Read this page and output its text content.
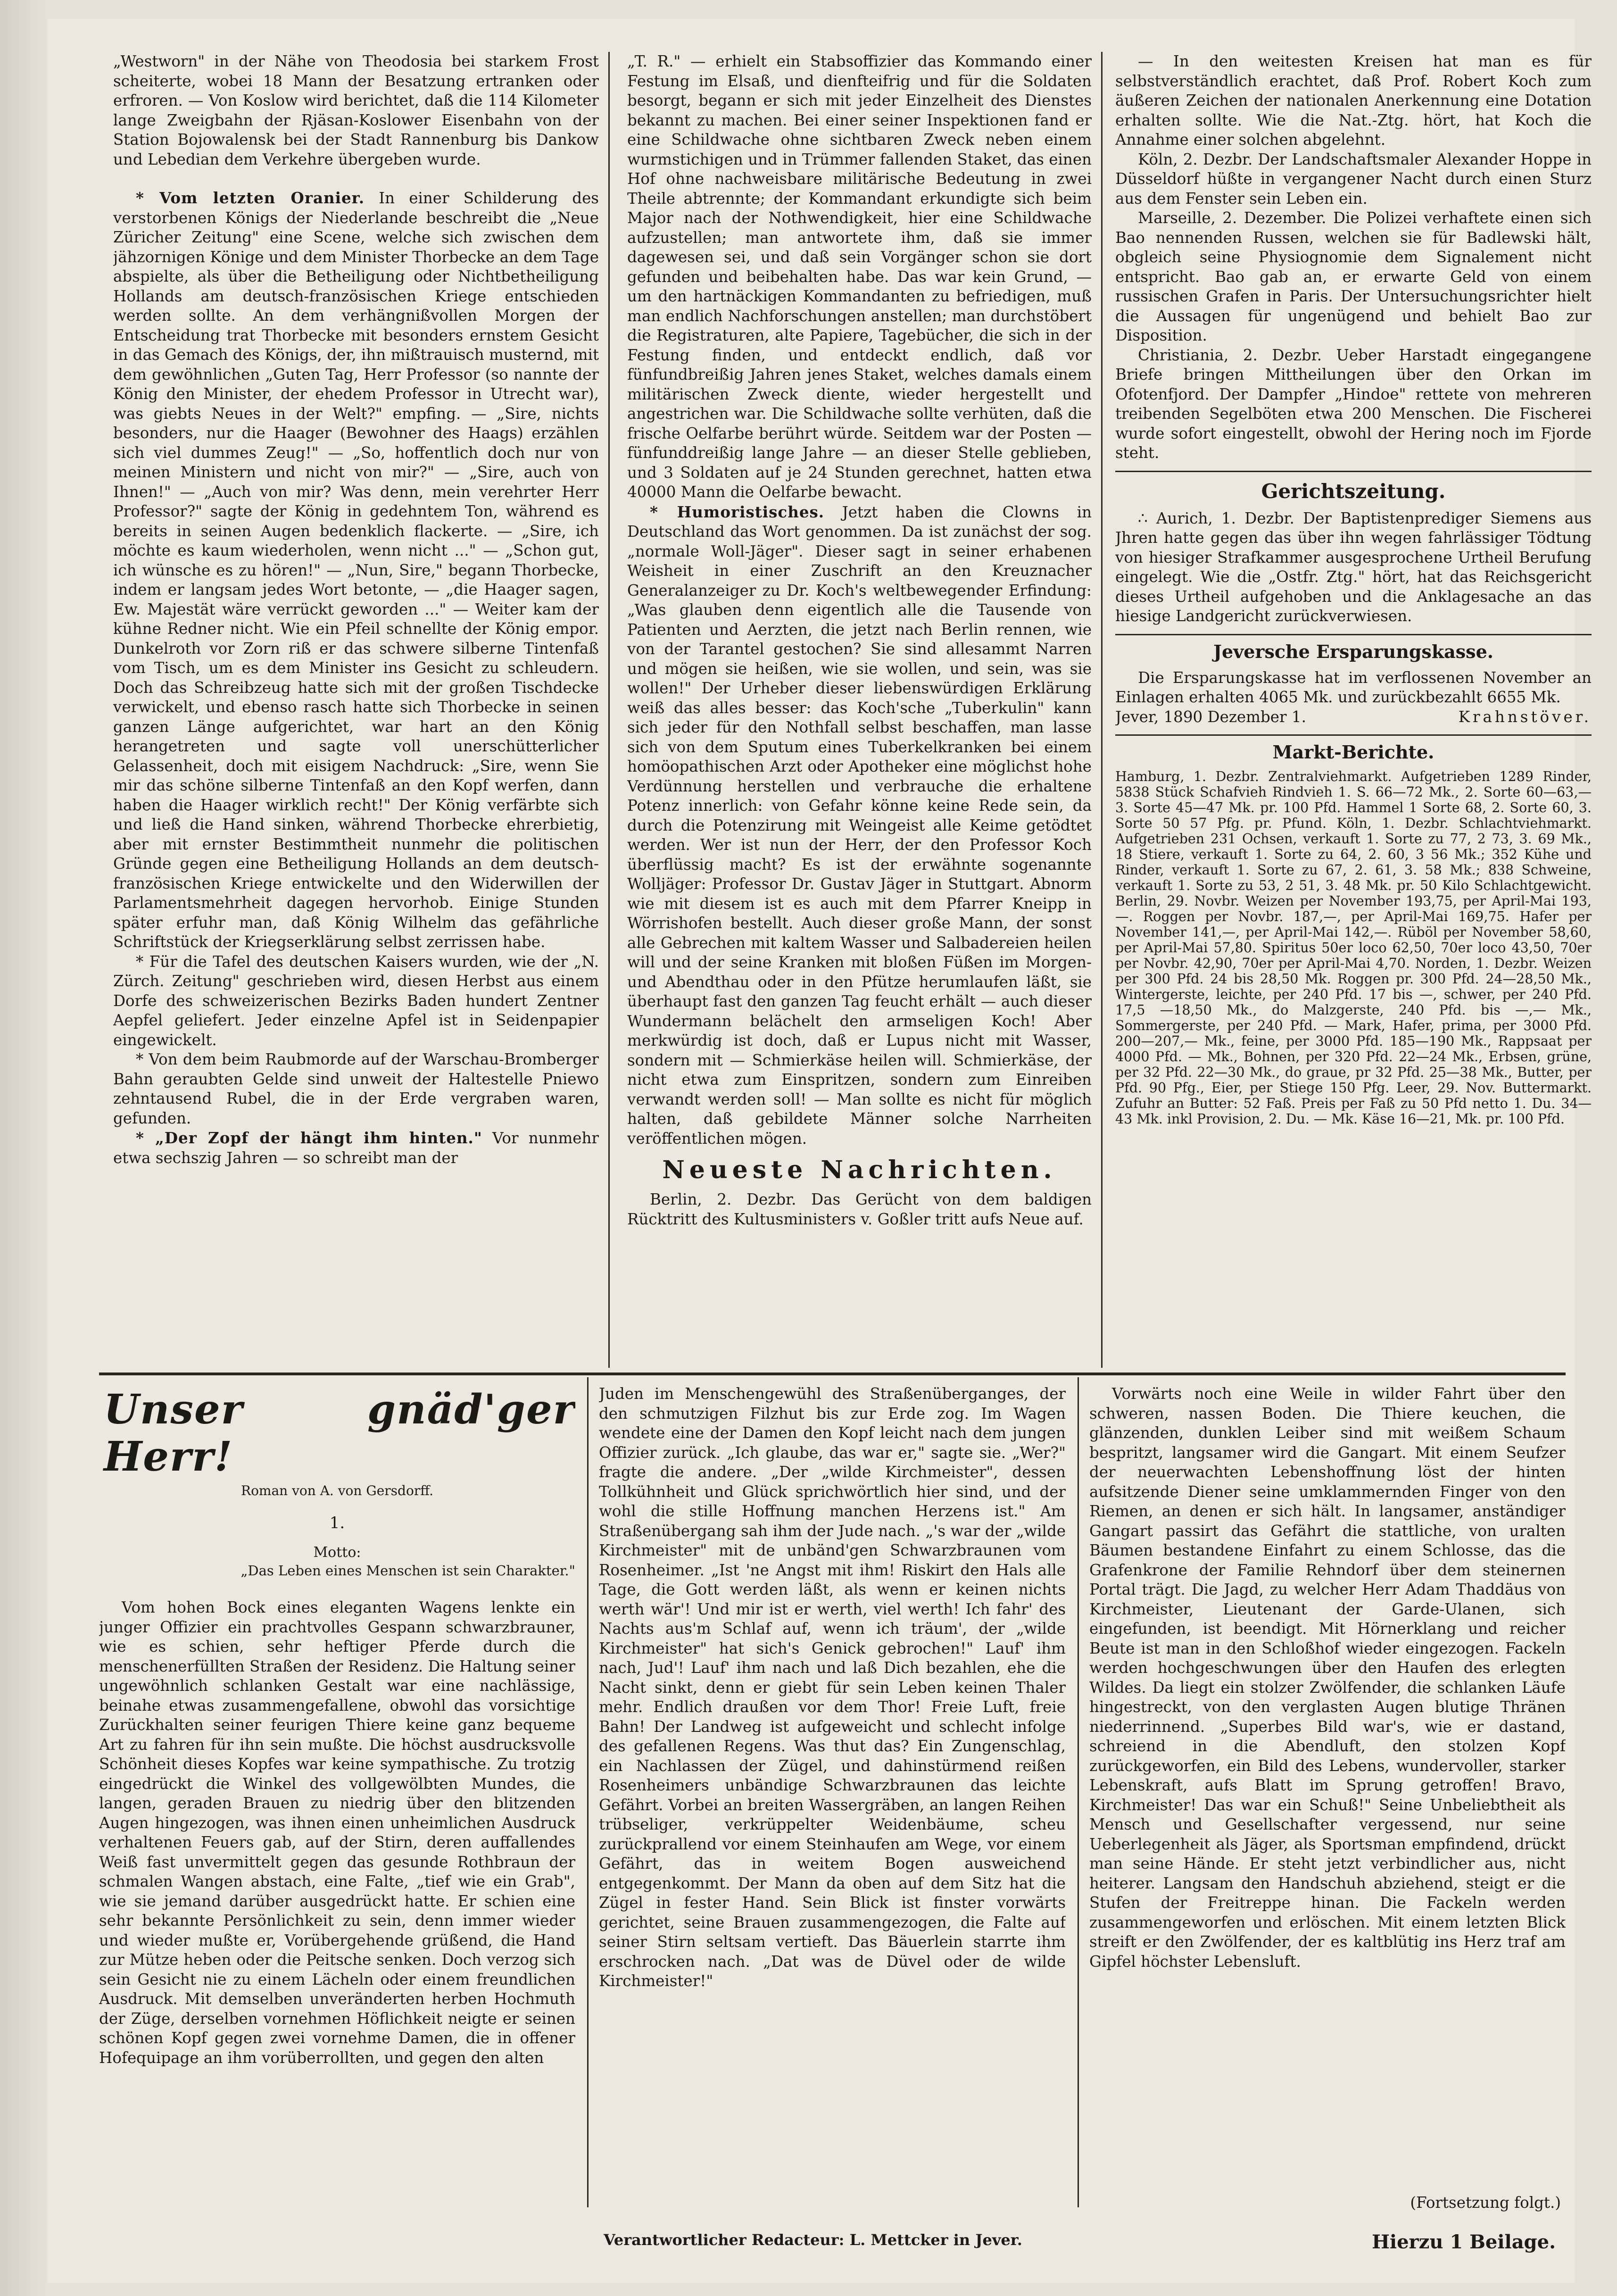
„Westworn" in der Nähe von Theodosia bei starkem Frost scheiterte, wobei 18 Mann der Besatzung ertranken oder erfroren. — Von Koslow wird berichtet, daß die 114 Kilometer lange Zweigbahn der Rjäsan-Koslower Eisenbahn von der Station Bojowalensk bei der Stadt Rannenburg bis Dankow und Lebedian dem Verkehre übergeben wurde.

* Vom letzten Oranier. In einer Schilderung des verstorbenen Königs der Niederlande beschreibt die „Neue Züricher Zeitung" eine Scene, welche sich zwischen dem jähzornigen Könige und dem Minister Thorbecke an dem Tage abspielte, als über die Betheiligung oder Nichtbetheiligung Hollands am deutsch-französischen Kriege entschieden werden sollte. An dem verhängnißvollen Morgen der Entscheidung trat Thorbecke mit besonders ernstem Gesicht in das Gemach des Königs, der, ihn mißtrauisch musternd, mit dem gewöhnlichen „Guten Tag, Herr Professor (so nannte der König den Minister, der ehedem Professor in Utrecht war), was giebts Neues in der Welt?" empfing. — „Sire, nichts besonders, nur die Haager (Bewohner des Haags) erzählen sich viel dummes Zeug!" — „So, hoffentlich doch nur von meinen Ministern und nicht von mir?" — „Sire, auch von Ihnen!" — „Auch von mir? Was denn, mein verehrter Herr Professor?" sagte der König in gedehntem Ton, während es bereits in seinen Augen bedenklich flackerte. — „Sire, ich möchte es kaum wiederholen, wenn nicht ..." — „Schon gut, ich wünsche es zu hören!" — „Nun, Sire," begann Thorbecke, indem er langsam jedes Wort betonte, — „die Haager sagen, Ew. Majestät wäre verrückt geworden ..." — Weiter kam der kühne Redner nicht. Wie ein Pfeil schnellte der König empor. Dunkelroth vor Zorn riß er das schwere silberne Tintenfaß vom Tisch, um es dem Minister ins Gesicht zu schleudern. Doch das Schreibzeug hatte sich mit der großen Tischdecke verwickelt, und ebenso rasch hatte sich Thorbecke in seinen ganzen Länge aufgerichtet, war hart an den König herangetreten und sagte voll unerschütterlicher Gelassenheit, doch mit eisigem Nachdruck: „Sire, wenn Sie mir das schöne silberne Tintenfaß an den Kopf werfen, dann haben die Haager wirklich recht!" Der König verfärbte sich und ließ die Hand sinken, während Thorbecke ehrerbietig, aber mit ernster Bestimmtheit nunmehr die politischen Gründe gegen eine Betheiligung Hollands an dem deutsch-französischen Kriege entwickelte und den Widerwillen der Parlamentsmehrheit dagegen hervorhob. Einige Stunden später erfuhr man, daß König Wilhelm das gefährliche Schriftstück der Kriegserklärung selbst zerrissen habe.

* Für die Tafel des deutschen Kaisers wurden, wie der „N. Zürch. Zeitung" geschrieben wird, diesen Herbst aus einem Dorfe des schweizerischen Bezirks Baden hundert Zentner Aepfel geliefert. Jeder einzelne Apfel ist in Seidenpapier eingewickelt.

* Von dem beim Raubmorde auf der Warschau-Bromberger Bahn geraubten Gelde sind unweit der Haltestelle Pniewo zehntausend Rubel, die in der Erde vergraben waren, gefunden.

* „Der Zopf der hängt ihm hinten." Vor nunmehr etwa sechszig Jahren — so schreibt man der

„T. R." — erhielt ein Stabsoffizier das Kommando einer Festung im Elsaß, und dienfteifrig und für die Soldaten besorgt, begann er sich mit jeder Einzelheit des Dienstes bekannt zu machen. Bei einer seiner Inspektionen fand er eine Schildwache ohne sichtbaren Zweck neben einem wurmstichigen und in Trümmer fallenden Staket, das einen Hof ohne nachweisbare militärische Bedeutung in zwei Theile abtrennte; der Kommandant erkundigte sich beim Major nach der Nothwendigkeit, hier eine Schildwache aufzustellen; man antwortete ihm, daß sie immer dagewesen sei, und daß sein Vorgänger schon sie dort gefunden und beibehalten habe. Das war kein Grund, — um den hartnäckigen Kommandanten zu befriedigen, muß man endlich Nachforschungen anstellen; man durchstöbert die Registraturen, alte Papiere, Tagebücher, die sich in der Festung finden, und entdeckt endlich, daß vor fünfundbreißig Jahren jenes Staket, welches damals einem militärischen Zweck diente, wieder hergestellt und angestrichen war. Die Schildwache sollte verhüten, daß die frische Oelfarbe berührt würde. Seitdem war der Posten — fünfunddreißig lange Jahre — an dieser Stelle geblieben, und 3 Soldaten auf je 24 Stunden gerechnet, hatten etwa 40000 Mann die Oelfarbe bewacht.

* Humoristisches. Jetzt haben die Clowns in Deutschland das Wort genommen. Da ist zunächst der sog. „normale Woll-Jäger". Dieser sagt in seiner erhabenen Weisheit in einer Zuschrift an den Kreuznacher Generalanzeiger zu Dr. Koch's weltbewegender Erfindung: „Was glauben denn eigentlich alle die Tausende von Patienten und Aerzten, die jetzt nach Berlin rennen, wie von der Tarantel gestochen? Sie sind allesammt Narren und mögen sie heißen, wie sie wollen, und sein, was sie wollen!" Der Urheber dieser liebenswürdigen Erklärung weiß das alles besser: das Koch'sche „Tuberkulin" kann sich jeder für den Nothfall selbst beschaffen, man lasse sich von dem Sputum eines Tuberkelkranken bei einem homöopathischen Arzt oder Apotheker eine möglichst hohe Verdünnung herstellen und verbrauche die erhaltene Potenz innerlich: von Gefahr könne keine Rede sein, da durch die Potenzirung mit Weingeist alle Keime getödtet werden. Wer ist nun der Herr, der den Professor Koch überflüssig macht? Es ist der erwähnte sogenannte Wolljäger: Professor Dr. Gustav Jäger in Stuttgart. Abnorm wie mit diesem ist es auch mit dem Pfarrer Kneipp in Wörrishofen bestellt. Auch dieser große Mann, der sonst alle Gebrechen mit kaltem Wasser und Salbadereien heilen will und der seine Kranken mit bloßen Füßen im Morgen- und Abendthau oder in den Pfütze herumlaufen läßt, sie überhaupt fast den ganzen Tag feucht erhält — auch dieser Wundermann belächelt den armseligen Koch! Aber merkwürdig ist doch, daß er Lupus nicht mit Wasser, sondern mit — Schmierkäse heilen will. Schmierkäse, der nicht etwa zum Einspritzen, sondern zum Einreiben verwandt werden soll! — Man sollte es nicht für möglich halten, daß gebildete Männer solche Narrheiten veröffentlichen mögen.

Neueste Nachrichten.

Berlin, 2. Dezbr. Das Gerücht von dem baldigen Rücktritt des Kultusministers v. Goßler tritt aufs Neue auf.

— In den weitesten Kreisen hat man es für selbstverständlich erachtet, daß Prof. Robert Koch zum äußeren Zeichen der nationalen Anerkennung eine Dotation erhalten sollte. Wie die Nat.-Ztg. hört, hat Koch die Annahme einer solchen abgelehnt.

Köln, 2. Dezbr. Der Landschaftsmaler Alexander Hoppe in Düsseldorf hüßte in vergangener Nacht durch einen Sturz aus dem Fenster sein Leben ein.

Marseille, 2. Dezember. Die Polizei verhaftete einen sich Bao nennenden Russen, welchen sie für Badlewski hält, obgleich seine Physiognomie dem Signalement nicht entspricht. Bao gab an, er erwarte Geld von einem russischen Grafen in Paris. Der Untersuchungsrichter hielt die Aussagen für ungenügend und behielt Bao zur Disposition.

Christiania, 2. Dezbr. Ueber Harstadt eingegangene Briefe bringen Mittheilungen über den Orkan im Ofotenfjord. Der Dampfer „Hindoe" rettete von mehreren treibenden Segelböten etwa 200 Menschen. Die Fischerei wurde sofort eingestellt, obwohl der Hering noch im Fjorde steht.

Gerichtszeitung.

∴ Aurich, 1. Dezbr. Der Baptistenprediger Siemens aus Jhren hatte gegen das über ihn wegen fahrlässiger Tödtung von hiesiger Strafkammer ausgesprochene Urtheil Berufung eingelegt. Wie die „Ostfr. Ztg." hört, hat das Reichsgericht dieses Urtheil aufgehoben und die Anklagesache an das hiesige Landgericht zurückverwiesen.

Jeversche Ersparungskasse.

Die Ersparungskasse hat im verflossenen November an Einlagen erhalten 4065 Mk. und zurückbezahlt 6655 Mk.

Jever, 1890 Dezember 1.	Krahnstöver.
Markt-Berichte.

Hamburg, 1. Dezbr. Zentralviehmarkt. Aufgetrieben 1289 Rinder, 5838 Stück Schafvieh Rindvieh 1. S. 66—72 Mk., 2. Sorte 60—63,— 3. Sorte 45—47 Mk. pr. 100 Pfd. Hammel 1 Sorte 68, 2. Sorte 60, 3. Sorte 50 57 Pfg. pr. Pfund. Köln, 1. Dezbr. Schlachtviehmarkt. Aufgetrieben 231 Ochsen, verkauft 1. Sorte zu 77, 2 73, 3. 69 Mk., 18 Stiere, verkauft 1. Sorte zu 64, 2. 60, 3 56 Mk.; 352 Kühe und Rinder, verkauft 1. Sorte zu 67, 2. 61, 3. 58 Mk.; 838 Schweine, verkauft 1. Sorte zu 53, 2 51, 3. 48 Mk. pr. 50 Kilo Schlachtgewicht. Berlin, 29. Novbr. Weizen per November 193,75, per April-Mai 193,—. Roggen per Novbr. 187,—, per April-Mai 169,75. Hafer per November 141,—, per April-Mai 142,—. Rüböl per November 58,60, per April-Mai 57,80. Spiritus 50er loco 62,50, 70er loco 43,50, 70er per Novbr. 42,90, 70er per April-Mai 4,70. Norden, 1. Dezbr. Weizen per 300 Pfd. 24 bis 28,50 Mk. Roggen pr. 300 Pfd. 24—28,50 Mk., Wintergerste, leichte, per 240 Pfd. 17 bis —, schwer, per 240 Pfd. 17,5 —18,50 Mk., do Malzgerste, 240 Pfd. bis —,— Mk., Sommergerste, per 240 Pfd. — Mark, Hafer, prima, per 3000 Pfd. 200—207,— Mk., feine, per 3000 Pfd. 185—190 Mk., Rappsaat per 4000 Pfd. — Mk., Bohnen, per 320 Pfd. 22—24 Mk., Erbsen, grüne, per 32 Pfd. 22—30 Mk., do graue, pr 32 Pfd. 25—38 Mk., Butter, per Pfd. 90 Pfg., Eier, per Stiege 150 Pfg. Leer, 29. Nov. Buttermarkt. Zufuhr an Butter: 52 Faß. Preis per Faß zu 50 Pfd netto 1. Du. 34—43 Mk. inkl Provision, 2. Du. — Mk. Käse 16—21, Mk. pr. 100 Pfd.

Unser gnäd'ger Herr!
Roman von A. von Gersdorff.
1.
Motto:
„Das Leben eines Menschen ist sein Charakter."

Vom hohen Bock eines eleganten Wagens lenkte ein junger Offizier ein prachtvolles Gespann schwarzbrauner, wie es schien, sehr heftiger Pferde durch die menschenerfüllten Straßen der Residenz. Die Haltung seiner ungewöhnlich schlanken Gestalt war eine nachlässige, beinahe etwas zusammengefallene, obwohl das vorsichtige Zurückhalten seiner feurigen Thiere keine ganz bequeme Art zu fahren für ihn sein mußte. Die höchst ausdrucksvolle Schönheit dieses Kopfes war keine sympathische. Zu trotzig eingedrückt die Winkel des vollgewölbten Mundes, die langen, geraden Brauen zu niedrig über den blitzenden Augen hingezogen, was ihnen einen unheimlichen Ausdruck verhaltenen Feuers gab, auf der Stirn, deren auffallendes Weiß fast unvermittelt gegen das gesunde Rothbraun der schmalen Wangen abstach, eine Falte, „tief wie ein Grab", wie sie jemand darüber ausgedrückt hatte. Er schien eine sehr bekannte Persönlichkeit zu sein, denn immer wieder und wieder mußte er, Vorübergehende grüßend, die Hand zur Mütze heben oder die Peitsche senken. Doch verzog sich sein Gesicht nie zu einem Lächeln oder einem freundlichen Ausdruck. Mit demselben unveränderten herben Hochmuth der Züge, derselben vornehmen Höflichkeit neigte er seinen schönen Kopf gegen zwei vornehme Damen, die in offener Hofequipage an ihm vorüberrollten, und gegen den alten

Juden im Menschengewühl des Straßenüberganges, der den schmutzigen Filzhut bis zur Erde zog. Im Wagen wendete eine der Damen den Kopf leicht nach dem jungen Offizier zurück. „Ich glaube, das war er," sagte sie. „Wer?" fragte die andere. „Der „wilde Kirchmeister", dessen Tollkühnheit und Glück sprichwörtlich hier sind, und der wohl die stille Hoffnung manchen Herzens ist." Am Straßenübergang sah ihm der Jude nach. „'s war der „wilde Kirchmeister" mit de unbänd'gen Schwarzbraunen vom Rosenheimer. „Ist 'ne Angst mit ihm! Riskirt den Hals alle Tage, die Gott werden läßt, als wenn er keinen nichts werth wär'! Und mir ist er werth, viel werth! Ich fahr' des Nachts aus'm Schlaf auf, wenn ich träum', der „wilde Kirchmeister" hat sich's Genick gebrochen!" Lauf' ihm nach, Jud'! Lauf' ihm nach und laß Dich bezahlen, ehe die Nacht sinkt, denn er giebt für sein Leben keinen Thaler mehr. Endlich draußen vor dem Thor! Freie Luft, freie Bahn! Der Landweg ist aufgeweicht und schlecht infolge des gefallenen Regens. Was thut das? Ein Zungenschlag, ein Nachlassen der Zügel, und dahinstürmend reißen Rosenheimers unbändige Schwarzbraunen das leichte Gefährt. Vorbei an breiten Wassergräben, an langen Reihen trübseliger, verkrüppelter Weidenbäume, scheu zurückprallend vor einem Steinhaufen am Wege, vor einem Gefährt, das in weitem Bogen ausweichend entgegenkommt. Der Mann da oben auf dem Sitz hat die Zügel in fester Hand. Sein Blick ist finster vorwärts gerichtet, seine Brauen zusammengezogen, die Falte auf seiner Stirn seltsam vertieft. Das Bäuerlein starrte ihm erschrocken nach. „Dat was de Düvel oder de wilde Kirchmeister!"

Vorwärts noch eine Weile in wilder Fahrt über den schweren, nassen Boden. Die Thiere keuchen, die glänzenden, dunklen Leiber sind mit weißem Schaum bespritzt, langsamer wird die Gangart. Mit einem Seufzer der neuerwachten Lebenshoffnung löst der hinten aufsitzende Diener seine umklammernden Finger von den Riemen, an denen er sich hält. In langsamer, anständiger Gangart passirt das Gefährt die stattliche, von uralten Bäumen bestandene Einfahrt zu einem Schlosse, das die Grafenkrone der Familie Rehndorf über dem steinernen Portal trägt. Die Jagd, zu welcher Herr Adam Thaddäus von Kirchmeister, Lieutenant der Garde-Ulanen, sich eingefunden, ist beendigt. Mit Hörnerklang und reicher Beute ist man in den Schloßhof wieder eingezogen. Fackeln werden hochgeschwungen über den Haufen des erlegten Wildes. Da liegt ein stolzer Zwölfender, die schlanken Läufe hingestreckt, von den verglasten Augen blutige Thränen niederrinnend. „Superbes Bild war's, wie er dastand, schreiend in die Abendluft, den stolzen Kopf zurückgeworfen, ein Bild des Lebens, wundervoller, starker Lebenskraft, aufs Blatt im Sprung getroffen! Bravo, Kirchmeister! Das war ein Schuß!" Seine Unbeliebtheit als Mensch und Gesellschafter vergessend, nur seine Ueberlegenheit als Jäger, als Sportsman empfindend, drückt man seine Hände. Er steht jetzt verbindlicher aus, nicht heiterer. Langsam den Handschuh abziehend, steigt er die Stufen der Freitreppe hinan. Die Fackeln werden zusammengeworfen und erlöschen. Mit einem letzten Blick streift er den Zwölfender, der es kaltblütig ins Herz traf am Gipfel höchster Lebensluft.

(Fortsetzung folgt.)
Verantwortlicher Redacteur: L. Mettcker in Jever.	Hierzu 1 Beilage.
